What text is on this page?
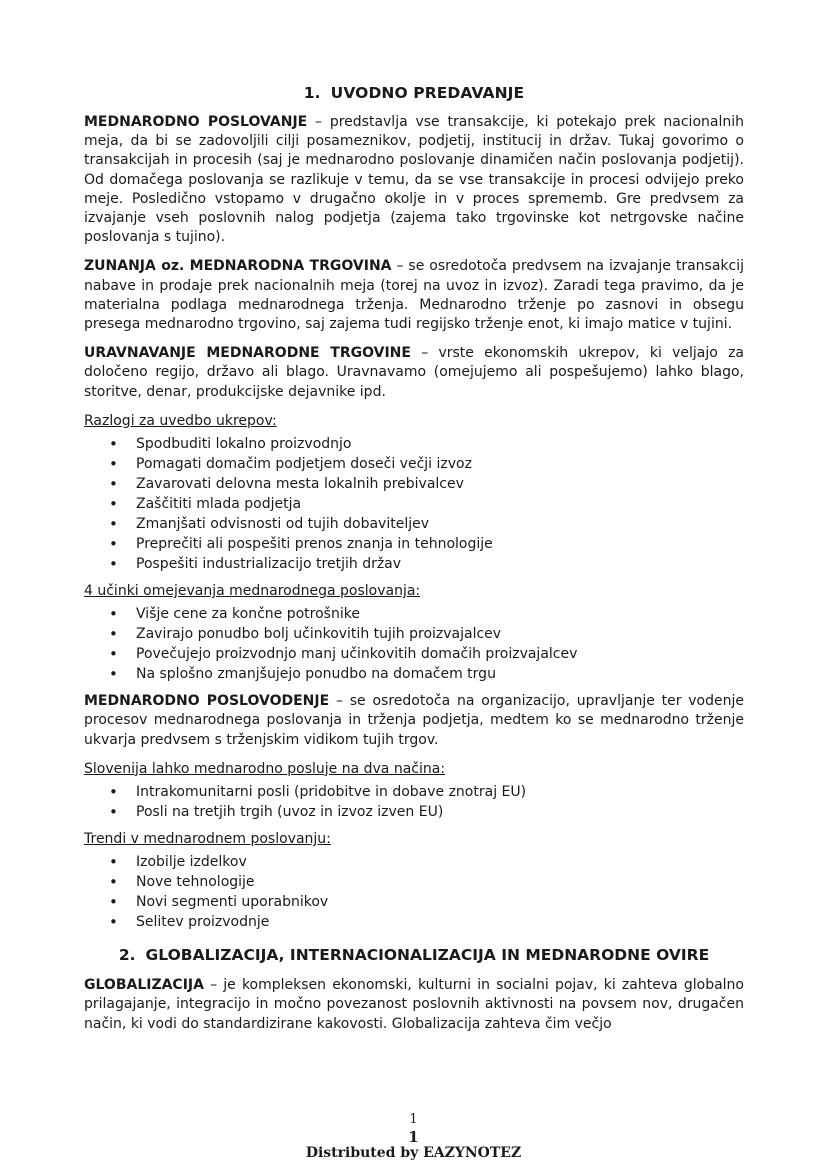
1. UVODNO PREDAVANJE

MEDNARODNO POSLOVANJE – predstavlja vse transakcije, ki potekajo prek nacionalnih meja, da bi se zadovoljili cilji posameznikov, podjetij, institucij in držav. Tukaj govorimo o transakcijah in procesih (saj je mednarodno poslovanje dinamičen način poslovanja podjetij). Od domačega poslovanja se razlikuje v temu, da se vse transakcije in procesi odvijejo preko meje. Posledično vstopamo v drugačno okolje in v proces sprememb. Gre predvsem za izvajanje vseh poslovnih nalog podjetja (zajema tako trgovinske kot netrgovske načine poslovanja s tujino).

ZUNANJA oz. MEDNARODNA TRGOVINA – se osredotoča predvsem na izvajanje transakcij nabave in prodaje prek nacionalnih meja (torej na uvoz in izvoz). Zaradi tega pravimo, da je materialna podlaga mednarodnega trženja. Mednarodno trženje po zasnovi in obsegu presega mednarodno trgovino, saj zajema tudi regijsko trženje enot, ki imajo matice v tujini.

URAVNAVANJE MEDNARODNE TRGOVINE – vrste ekonomskih ukrepov, ki veljajo za določeno regijo, državo ali blago. Uravnavamo (omejujemo ali pospešujemo) lahko blago, storitve, denar, produkcijske dejavnike ipd.

Razlogi za uvedbo ukrepov:
• Spodbuditi lokalno proizvodnjo
• Pomagati domačim podjetjem doseči večji izvoz
• Zavarovati delovna mesta lokalnih prebivalcev
• Zaščititi mlada podjetja
• Zmanjšati odvisnosti od tujih dobaviteljev
• Preprečiti ali pospešiti prenos znanja in tehnologije
• Pospešiti industrializacijo tretjih držav
4 učinki omejevanja mednarodnega poslovanja:
• Višje cene za končne potrošnike
• Zavirajo ponudbo bolj učinkovitih tujih proizvajalcev
• Povečujejo proizvodnjo manj učinkovitih domačih proizvajalcev
• Na splošno zmanjšujejo ponudbo na domačem trgu

MEDNARODNO POSLOVODENJE – se osredotoča na organizacijo, upravljanje ter vodenje procesov mednarodnega poslovanja in trženja podjetja, medtem ko se mednarodno trženje ukvarja predvsem s trženjskim vidikom tujih trgov.

Slovenija lahko mednarodno posluje na dva načina:
• Intrakomunitarni posli (pridobitve in dobave znotraj EU)
• Posli na tretjih trgih (uvoz in izvoz izven EU)
Trendi v mednarodnem poslovanju:
• Izobilje izdelkov
• Nove tehnologije
• Novi segmenti uporabnikov
• Selitev proizvodnje
2. GLOBALIZACIJA, INTERNACIONALIZACIJA IN MEDNARODNE OVIRE

GLOBALIZACIJA – je kompleksen ekonomski, kulturni in socialni pojav, ki zahteva globalno prilagajanje, integracijo in močno povezanost poslovnih aktivnosti na povsem nov, drugačen način, ki vodi do standardizirane kakovosti. Globalizacija zahteva čim večjo

1
1
Distributed by EAZYNOTEZ
